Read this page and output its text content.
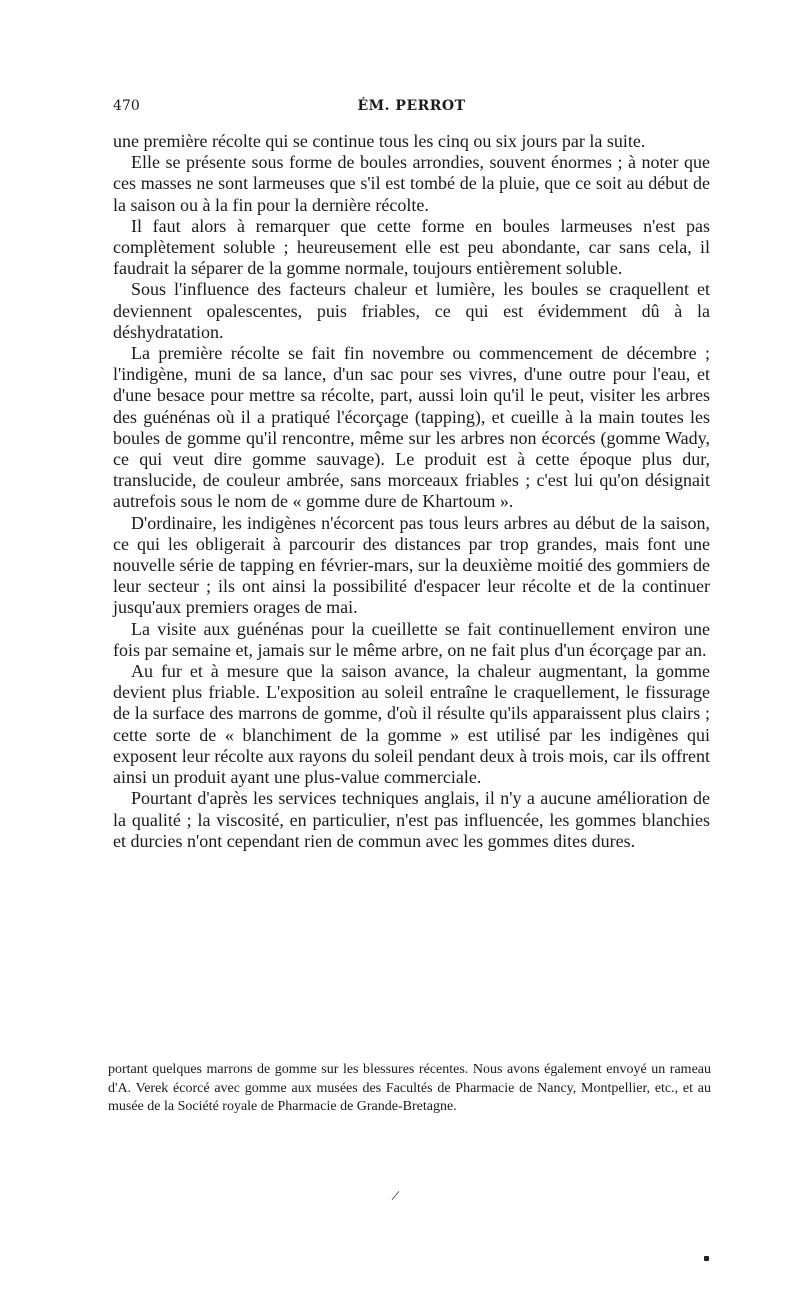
470	ÉM. PERROT

une première récolte qui se continue tous les cinq ou six jours par la suite.

Elle se présente sous forme de boules arrondies, souvent énormes ; à noter que ces masses ne sont larmeuses que s'il est tombé de la pluie, que ce soit au début de la saison ou à la fin pour la dernière récolte.

Il faut alors à remarquer que cette forme en boules larmeuses n'est pas complètement soluble ; heureusement elle est peu abondante, car sans cela, il faudrait la séparer de la gomme normale, toujours entièrement soluble.

Sous l'influence des facteurs chaleur et lumière, les boules se craquellent et deviennent opalescentes, puis friables, ce qui est évidemment dû à la déshydratation.

La première récolte se fait fin novembre ou commencement de décembre ; l'indigène, muni de sa lance, d'un sac pour ses vivres, d'une outre pour l'eau, et d'une besace pour mettre sa récolte, part, aussi loin qu'il le peut, visiter les arbres des guénénas où il a pratiqué l'écorçage (tapping), et cueille à la main toutes les boules de gomme qu'il rencontre, même sur les arbres non écorcés (gomme Wady, ce qui veut dire gomme sauvage). Le produit est à cette époque plus dur, translucide, de couleur ambrée, sans morceaux friables ; c'est lui qu'on désignait autrefois sous le nom de « gomme dure de Khartoum ».

D'ordinaire, les indigènes n'écorcent pas tous leurs arbres au début de la saison, ce qui les obligerait à parcourir des distances par trop grandes, mais font une nouvelle série de tapping en février-mars, sur la deuxième moitié des gommiers de leur secteur ; ils ont ainsi la possibilité d'espacer leur récolte et de la continuer jusqu'aux premiers orages de mai.

La visite aux guénénas pour la cueillette se fait continuellement environ une fois par semaine et, jamais sur le même arbre, on ne fait plus d'un écorçage par an.

Au fur et à mesure que la saison avance, la chaleur augmentant, la gomme devient plus friable. L'exposition au soleil entraîne le craquellement, le fissurage de la surface des marrons de gomme, d'où il résulte qu'ils apparaissent plus clairs ; cette sorte de « blanchiment de la gomme » est utilisé par les indigènes qui exposent leur récolte aux rayons du soleil pendant deux à trois mois, car ils offrent ainsi un produit ayant une plus-value commerciale.

Pourtant d'après les services techniques anglais, il n'y a aucune amélioration de la qualité ; la viscosité, en particulier, n'est pas influencée, les gommes blanchies et durcies n'ont cependant rien de commun avec les gommes dites dures.

portant quelques marrons de gomme sur les blessures récentes. Nous avons également envoyé un rameau d'A. Verek écorcé avec gomme aux musées des Facultés de Pharmacie de Nancy, Montpellier, etc., et au musée de la Société royale de Pharmacie de Grande-Bretagne.
